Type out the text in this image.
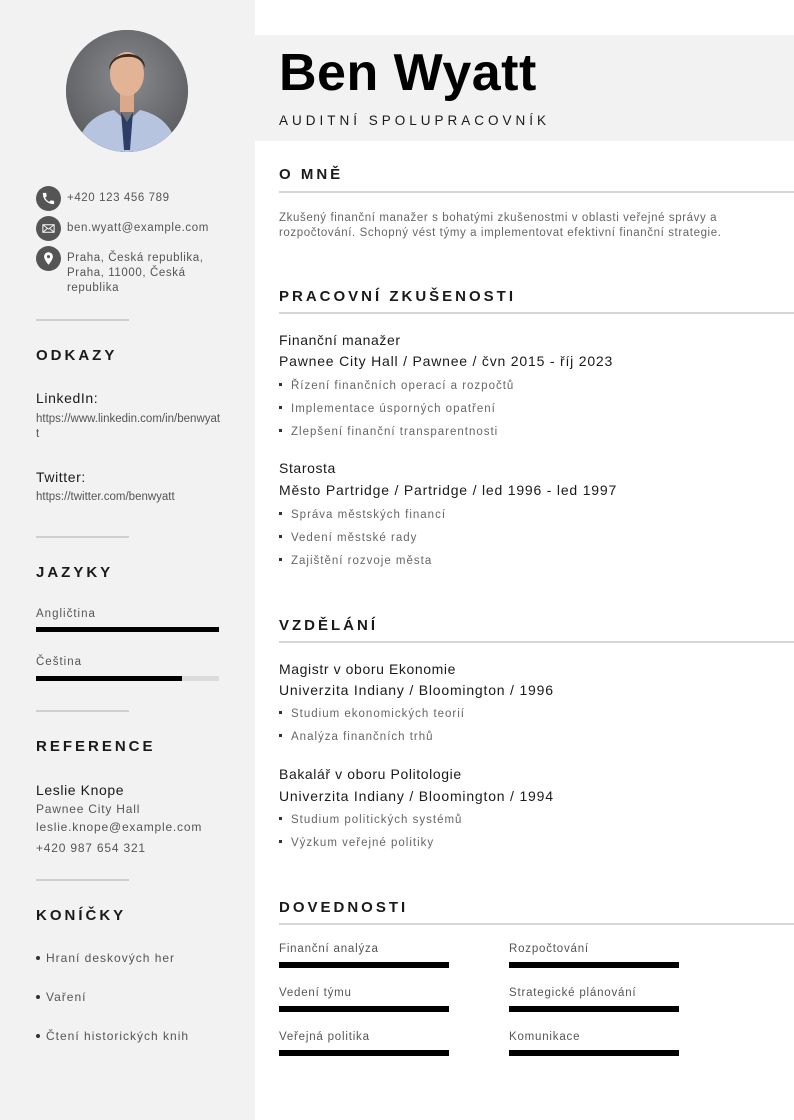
+420 123 456 789
ben.wyatt@example.com
Praha, Česká republika, Praha, 11000, Česká republika
ODKAZY
LinkedIn:
https://www.linkedin.com/in/benwyatt
Twitter:
https://twitter.com/benwyatt
JAZYKY
Angličtina
Čeština
REFERENCE
Leslie Knope
Pawnee City Hall
leslie.knope@example.com
+420 987 654 321
KONÍČKY
Hraní deskových her
Vaření
Čtení historických knih
Ben Wyatt
AUDITNÍ SPOLUPRACOVNÍK
O MNĚ

Zkušený finanční manažer s bohatými zkušenostmi v oblasti veřejné správy a rozpočtování. Schopný vést týmy a implementovat efektivní finanční strategie.

PRACOVNÍ ZKUŠENOSTI
Finanční manažer
Pawnee City Hall / Pawnee / čvn 2015 - říj 2023
Řízení finančních operací a rozpočtů
Implementace úsporných opatření
Zlepšení finanční transparentnosti
Starosta
Město Partridge / Partridge / led 1996 - led 1997
Správa městských financí
Vedení městské rady
Zajištění rozvoje města
VZDĚLÁNÍ
Magistr v oboru Ekonomie
Univerzita Indiany / Bloomington / 1996
Studium ekonomických teorií
Analýza finančních trhů
Bakalář v oboru Politologie
Univerzita Indiany / Bloomington / 1994
Studium politických systémů
Výzkum veřejné politiky
DOVEDNOSTI
Finanční analýza	Rozpočtování
Vedení týmu	Strategické plánování
Veřejná politika	Komunikace
